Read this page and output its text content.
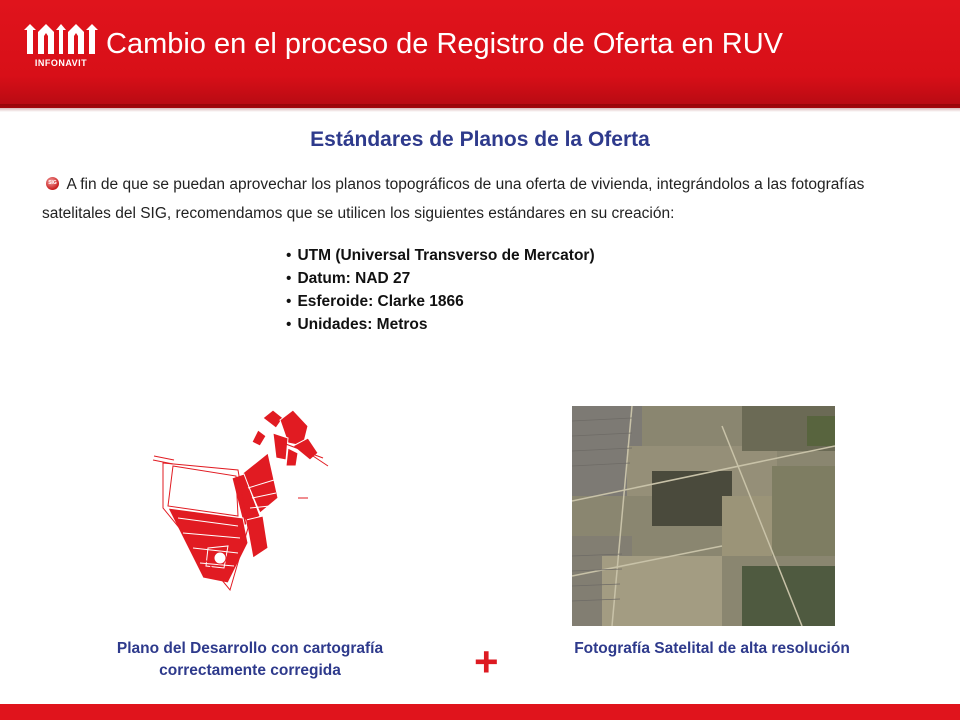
INFONAVIT
Cambio en el proceso de Registro de Oferta en RUV
Estándares de Planos de la Oferta
SIG A fin de que se puedan aprovechar los planos topográficos de una oferta de vivienda, integrándolos a las fotografías satelitales del SIG, recomendamos que se utilicen los siguientes estándares en su creación:
• UTM (Universal Transverso de Mercator)
• Datum: NAD 27
• Esferoide: Clarke 1866
• Unidades: Metros
Plano del Desarrollo con cartografía correctamente corregida	+	Fotografía Satelital de alta resolución
